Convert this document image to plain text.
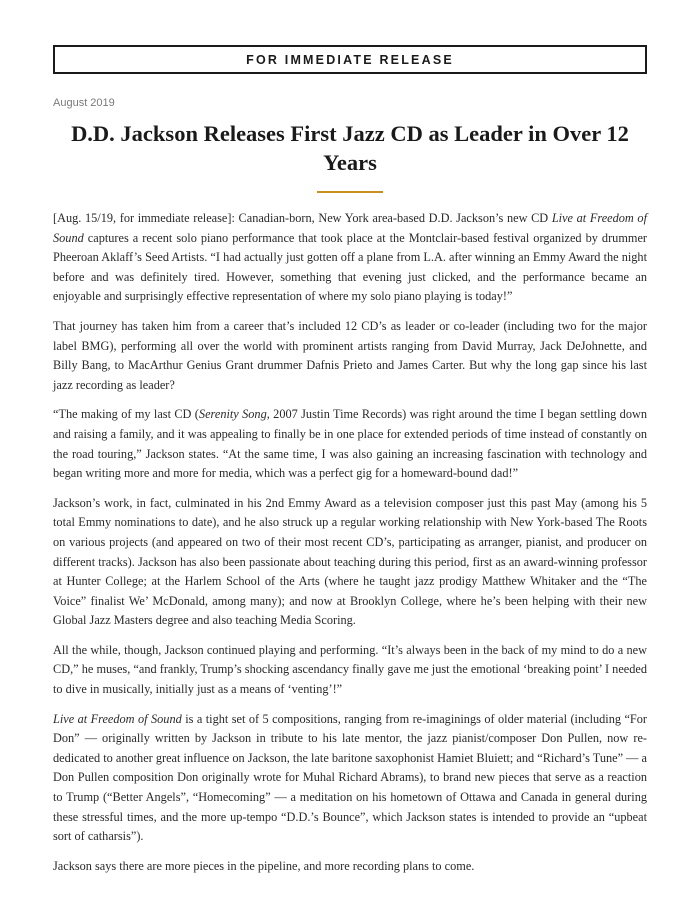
FOR IMMEDIATE RELEASE
August 2019
D.D. Jackson Releases First Jazz CD as Leader in Over 12 Years

[Aug. 15/19, for immediate release]: Canadian-born, New York area-based D.D. Jackson’s new CD Live at Freedom of Sound captures a recent solo piano performance that took place at the Montclair-based festival organized by drummer Pheeroan Aklaff’s Seed Artists. “I had actually just gotten off a plane from L.A. after winning an Emmy Award the night before and was definitely tired. However, something that evening just clicked, and the performance became an enjoyable and surprisingly effective representation of where my solo piano playing is today!”

That journey has taken him from a career that’s included 12 CD’s as leader or co-leader (including two for the major label BMG), performing all over the world with prominent artists ranging from David Murray, Jack DeJohnette, and Billy Bang, to MacArthur Genius Grant drummer Dafnis Prieto and James Carter. But why the long gap since his last jazz recording as leader?

“The making of my last CD (Serenity Song, 2007 Justin Time Records) was right around the time I began settling down and raising a family, and it was appealing to finally be in one place for extended periods of time instead of constantly on the road touring,” Jackson states. “At the same time, I was also gaining an increasing fascination with technology and began writing more and more for media, which was a perfect gig for a homeward-bound dad!”

Jackson’s work, in fact, culminated in his 2nd Emmy Award as a television composer just this past May (among his 5 total Emmy nominations to date), and he also struck up a regular working relationship with New York-based The Roots on various projects (and appeared on two of their most recent CD’s, participating as arranger, pianist, and producer on different tracks). Jackson has also been passionate about teaching during this period, first as an award-winning professor at Hunter College; at the Harlem School of the Arts (where he taught jazz prodigy Matthew Whitaker and the “The Voice” finalist We’ McDonald, among many); and now at Brooklyn College, where he’s been helping with their new Global Jazz Masters degree and also teaching Media Scoring.

All the while, though, Jackson continued playing and performing. “It’s always been in the back of my mind to do a new CD,” he muses, “and frankly, Trump’s shocking ascendancy finally gave me just the emotional ‘breaking point’ I needed to dive in musically, initially just as a means of ‘venting’!”

Live at Freedom of Sound is a tight set of 5 compositions, ranging from re-imaginings of older material (including “For Don” — originally written by Jackson in tribute to his late mentor, the jazz pianist/composer Don Pullen, now re-dedicated to another great influence on Jackson, the late baritone saxophonist Hamiet Bluiett; and “Richard’s Tune” — a Don Pullen composition Don originally wrote for Muhal Richard Abrams), to brand new pieces that serve as a reaction to Trump (“Better Angels”, “Homecoming” — a meditation on his hometown of Ottawa and Canada in general during these stressful times, and the more up-tempo “D.D.’s Bounce”, which Jackson states is intended to provide an “upbeat sort of catharsis”).

Jackson says there are more pieces in the pipeline, and more recording plans to come.
